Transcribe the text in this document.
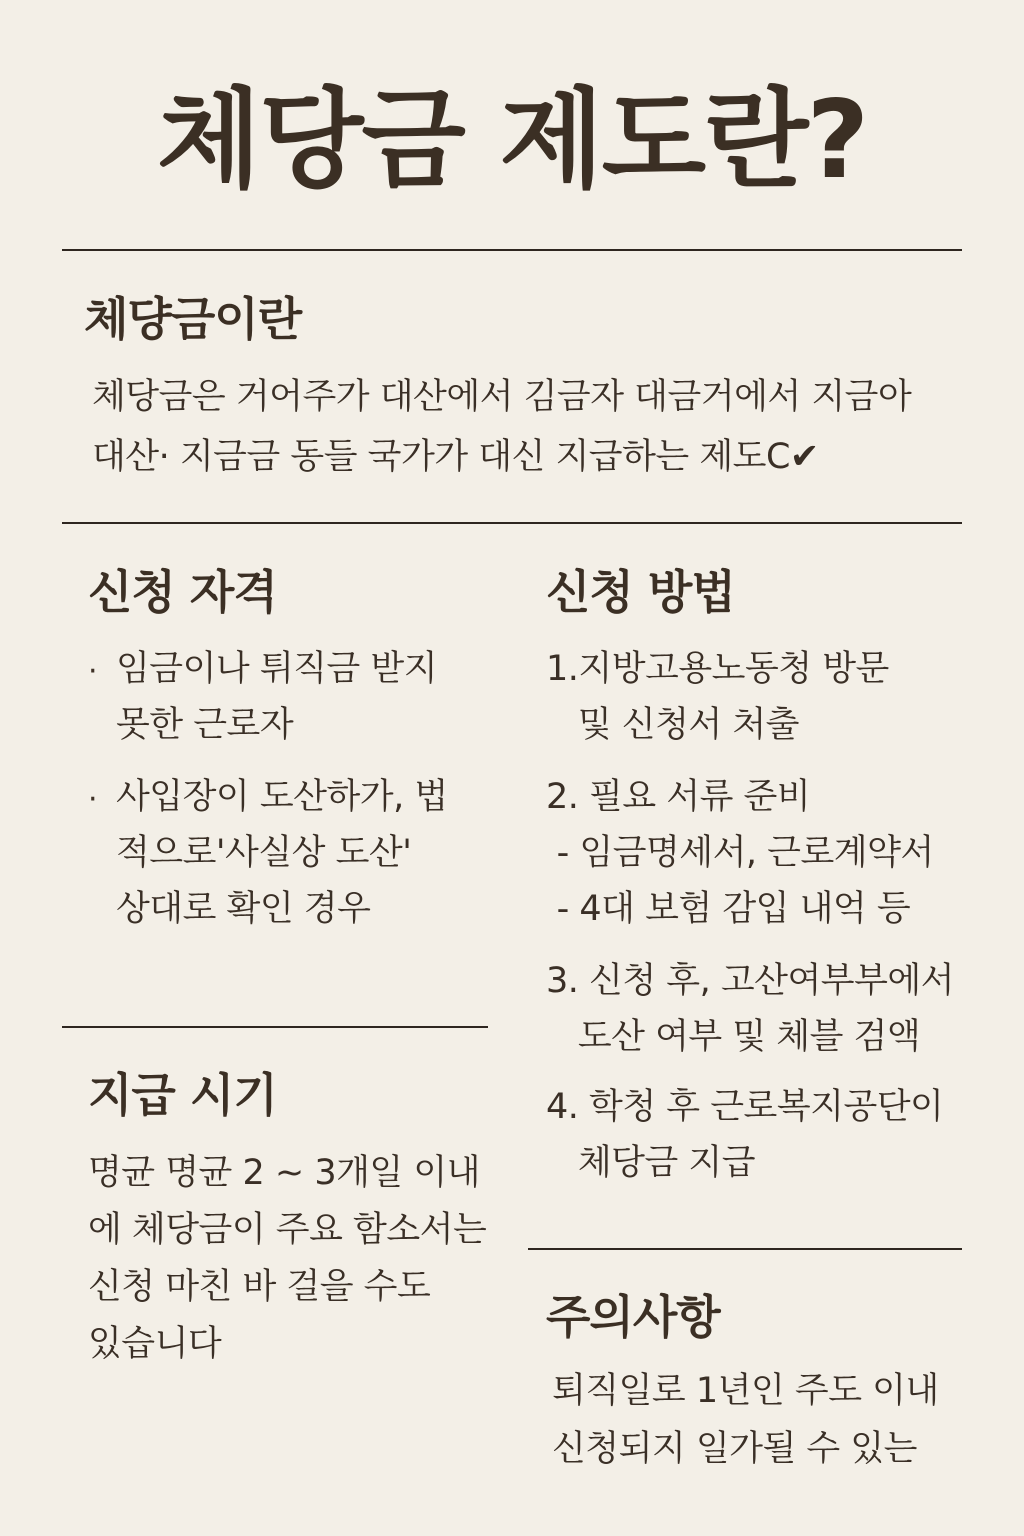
체당금 제도란?
체댱금이란
체당금은 거어주가 대산에서 김금자 대금거에서 지금아
대산· 지금금 동들 국가가 대신 지급하는 제도C✔
신청 자격
· 임금이나 튀직금 받지
못한 근로자
· 사입장이 도산하가, 법
적으로'사실상 도산'
상대로 확인 경우
지급 시기
명균 명균 2 ~ 3개일 이내
에 체당금이 주요 함소서는
신청 마친 바 걸을 수도
있습니다
신청 방법
1.지방고용노동청 방문
및 신청서 처출
2. 필요 서류 준비
- 임금명세서, 근로계약서
- 4대 보험 감입 내억 등
3. 신청 후, 고산여부부에서
도산 여부 및 체블 검액
4. 학청 후 근로복지공단이
체당금 지급
주의사항
퇴직일로 1년인 주도 이내
신청되지 일가될 수 있는
